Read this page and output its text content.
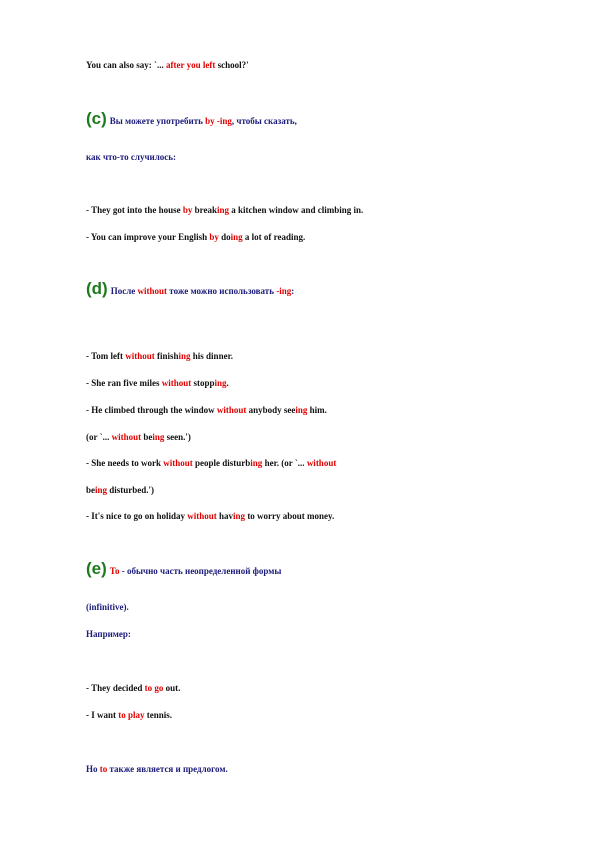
You can also say: `... after you left school?'
(c) Вы можете употребить by -ing, чтобы сказать,
как что-то случилось:
- They got into the house by breaking a kitchen window and climbing in.
- You can improve your English by doing a lot of reading.
(d) После without тоже можно использовать -ing:
- Tom left without finishing his dinner.
- She ran five miles without stopping.
- He climbed through the window without anybody seeing him.
(or `... without being seen.')
- She needs to work without people disturbing her. (or `... without
being disturbed.')
- It's nice to go on holiday without having to worry about money.
(e) To - обычно часть неопределенной формы
(infinitive).
Например:
- They decided to go out.
- I want to play tennis.
Но to также является и предлогом.
